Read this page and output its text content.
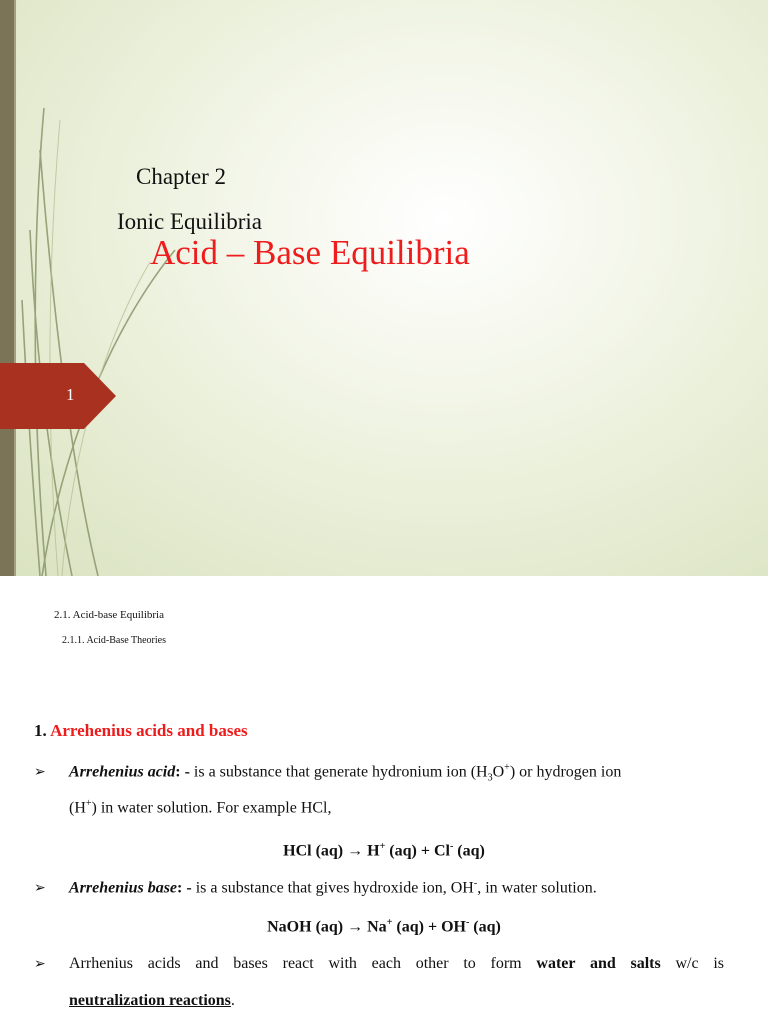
Chapter 2

Ionic Equilibria

Acid – Base Equilibria

1
2.1. Acid-base Equilibria
2.1.1. Acid-Base Theories
1. Arrehenius acids and bases
➢ Arrehenius acid: - is a substance that generate hydronium ion $(H_3O^+)$ or hydrogen ion
(H+) in water solution. For example HCl,
HCl (aq) → H+ (aq) + Cl- (aq)
➢ Arrehenius base: - is a substance that gives hydroxide ion, OH-, in water solution.
NaOH (aq) → Na+ (aq) + OH- (aq)
➢ Arrhenius acids and bases react with each other to form water and salts w/c is
neutralization reactions.
